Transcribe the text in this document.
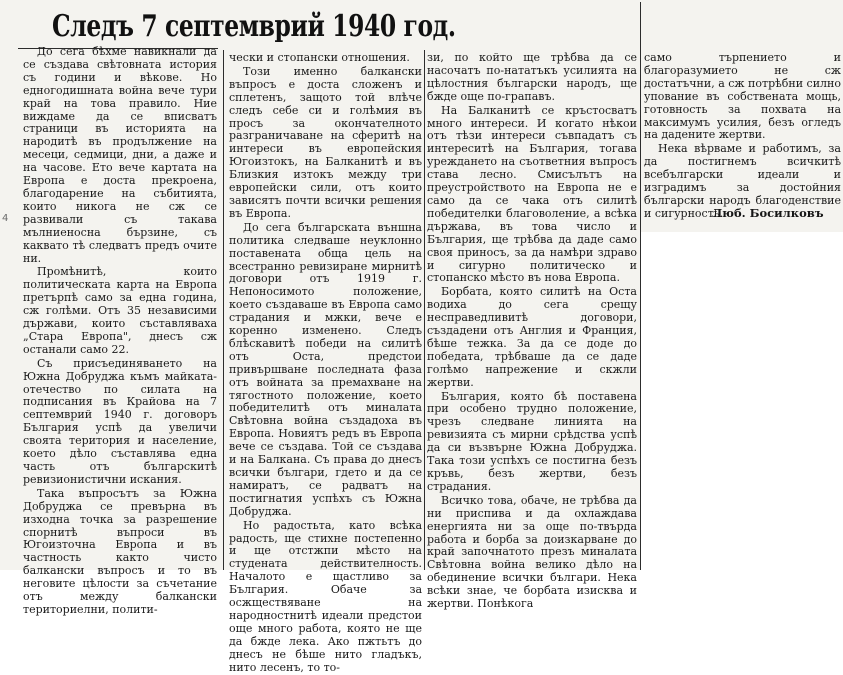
Следъ 7 септемврий 1940 год.
4

До сега бѣхме навикнали да се създава свѣтовната история съ години и вѣкове. Но едногодишната война вече тури край на това правило. Ние виждаме да се вписватъ страници въ историята на народитѣ въ продължение на месеци, седмици, дни, а даже и на часове. Ето вече картата на Европа е доста прекроена, благодарение на събитията, които никога не сж се развивали съ такава мълниеносна бързине, съ каквато тѣ следватъ предъ очите ни.

Промѣнитѣ, които политическата карта на Европа претърпѣ само за една година, сж голѣми. Отъ 35 независими държави, които съставляваха „Стара Европа", днесъ сж останали само 22.

Съ присъединяването на Южна Добруджа къмъ майката-отечество по силата на подписания въ Крайова на 7 септемврий 1940 г. договоръ България успѣ да увеличи своята територия и население, което дѣло съставлява една часть отъ българскитѣ ревизионистични искания.

Така въпросътъ за Южна Добруджа се превърна въ изходна точка за разрешение спорнитѣ въпроси въ Югоизточна Европа и въ частность както чисто балкански въпросъ и то въ неговите цѣлости за съчетание отъ между балкански териториелни, полити-

чески и стопански отношения.

Този именно балкански въпросъ е доста сложенъ и сплетенъ, защото той влѣче следъ себе си и голѣмия въ просъ за окончателното разграничаване на сферитѣ на интереси въ европейския Югоизтокъ, на Балканитѣ и въ Близкия изтокъ между три европейски сили, отъ които зависятъ почти всички решения въ Европа.

До сега българската външна политика следваше неуклонно поставената обща цель на всестранно ревизиране мирнитѣ договори отъ 1919 г. Непоносимото положение, което създаваше въ Европа само страдания и мжки, вече е коренно изменено. Следъ блѣскавитѣ победи на силитѣ отъ Оста, предстои привършване последната фаза отъ войната за премахване на тягостното положение, което победителитѣ отъ миналата Свѣтовна война създадоха въ Европа. Новиятъ редъ въ Европа вече се създава. Той се създава и на Балкана. Съ права до днесъ всички българи, гдето и да се намиратъ, се радватъ на постигнатия успѣхъ съ Южна Добруджа.

Но радостьта, като всѣка радость, ще стихне постепенно и ще отстжпи мѣсто на студената действителность. Началото е щастливо за България. Обаче за осжществяване на народностнитѣ идеали предстои още много работа, която не ще да бжде лека. Ако пжтьтъ до днесъ не бѣше нито гладъкъ, нито лесенъ, то то-

зи, по който ще трѣбва да се насочатъ по-нататъкъ усилията на цѣлостния български народъ, ще бжде още по-грапавъ.

На Балканитѣ се кръстосватъ много интереси. И когато нѣкои отъ тѣзи интереси съвпадатъ съ интереситѣ на България, тогава уреждането на съответния въпросъ става лесно. Смисълътъ на преустройството на Европа не е само да се чака отъ силитѣ победителки благоволение, а всѣка държава, въ това число и България, ще трѣбва да даде само своя приносъ, за да намѣри здраво и сигурно политическо и стопанско мѣсто въ нова Европа.

Борбата, която силитѣ на Оста водиха до сега срещу несправедливитѣ договори, създадени отъ Англия и Франция, бѣше тежка. За да се доде до победата, трѣбваше да се даде голѣмо напрежение и скжли жертви.

България, която бѣ поставена при особено трудно положение, чрезъ следване линията на ревизията съ мирни срѣдства успѣ да си възвърне Южна Добруджа. Така този успѣхъ се постигна безъ кръвь, безъ жертви, безъ страдания.

Всичко това, обаче, не трѣбва да ни приспива и да охлаждава енергията ни за още по-твърда работа и борба за доизкарване до край започнатото презъ миналата Свѣтовна война велико дѣло на обединение всички българи. Нека всѣки знае, че борбата изисква и жертви. Понѣкога

само търпението и благоразумието не сж достатъчни, а сж потрѣбни силно упование въ собствената мощь, готовность за похвата на максимумъ усилия, безъ огледъ на дадените жертви.

Нека вѣрваме и работимъ, за да постигнемъ всичкитѣ всебългарски идеали и изградимъ за достойния български народъ благоденствие и сигурность.

Люб. Босилковъ
